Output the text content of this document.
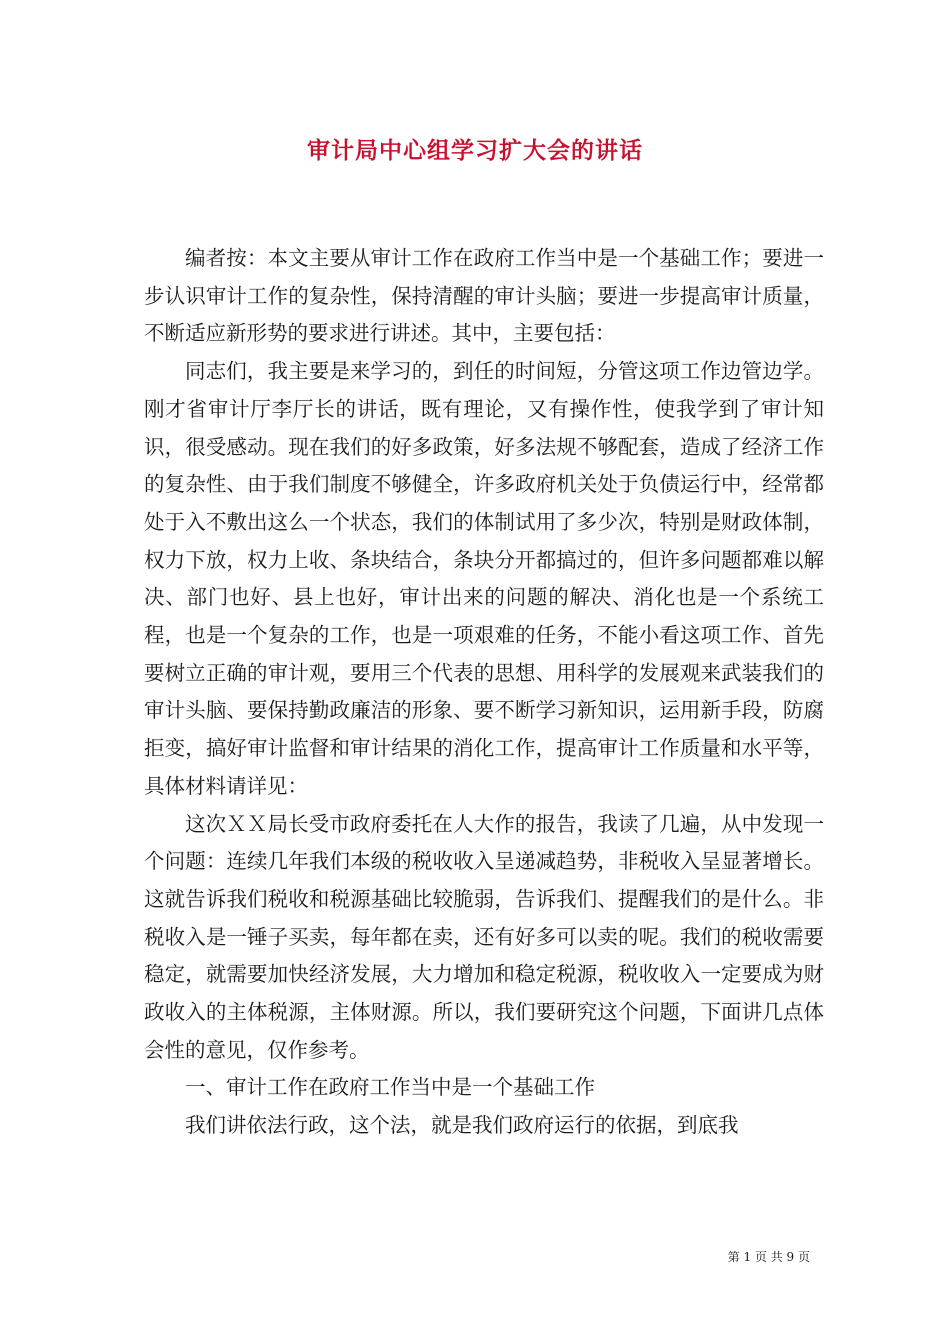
审计局中心组学习扩大会的讲话

编者按：本文主要从审计工作在政府工作当中是一个基础工作；要进一步认识审计工作的复杂性，保持清醒的审计头脑；要进一步提高审计质量，不断适应新形势的要求进行讲述。其中，主要包括：

同志们，我主要是来学习的，到任的时间短，分管这项工作边管边学。刚才省审计厅李厅长的讲话，既有理论，又有操作性，使我学到了审计知识，很受感动。现在我们的好多政策，好多法规不够配套，造成了经济工作的复杂性、由于我们制度不够健全，许多政府机关处于负债运行中，经常都处于入不敷出这么一个状态，我们的体制试用了多少次，特别是财政体制，权力下放，权力上收、条块结合，条块分开都搞过的，但许多问题都难以解决、部门也好、县上也好，审计出来的问题的解决、消化也是一个系统工程，也是一个复杂的工作，也是一项艰难的任务，不能小看这项工作、首先要树立正确的审计观，要用三个代表的思想、用科学的发展观来武装我们的审计头脑、要保持勤政廉洁的形象、要不断学习新知识，运用新手段，防腐拒变，搞好审计监督和审计结果的消化工作，提高审计工作质量和水平等，具体材料请详见：

这次ＸＸ局长受市政府委托在人大作的报告，我读了几遍，从中发现一个问题：连续几年我们本级的税收收入呈递减趋势，非税收入呈显著增长。这就告诉我们税收和税源基础比较脆弱，告诉我们、提醒我们的是什么。非税收入是一锤子买卖，每年都在卖，还有好多可以卖的呢。我们的税收需要稳定，就需要加快经济发展，大力增加和稳定税源，税收收入一定要成为财政收入的主体税源，主体财源。所以，我们要研究这个问题，下面讲几点体会性的意见，仅作参考。

一、审计工作在政府工作当中是一个基础工作

我们讲依法行政，这个法，就是我们政府运行的依据，到底我

第 1 页 共 9 页
